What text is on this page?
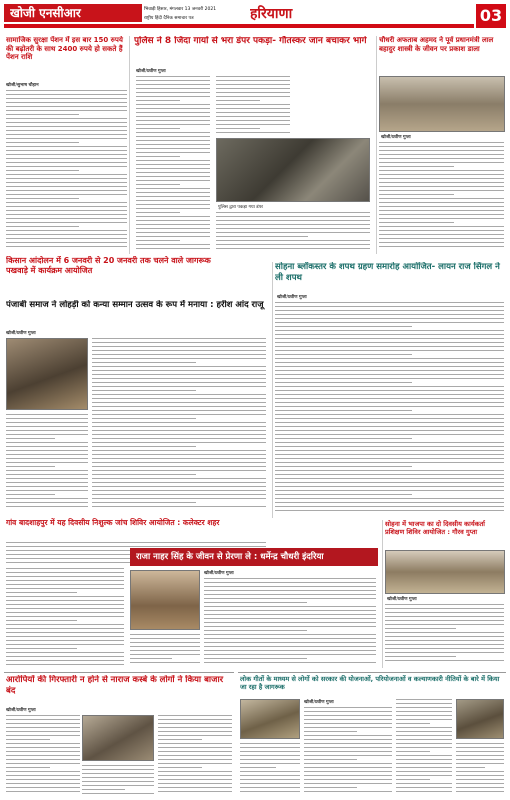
खोजी एनसीआर	भिवाड़ी हिसार, मंगलवार 13 जनवरी 2021
राष्ट्रीय हिंदी दैनिक समाचार पत्र	हरियाणा	03
सामाजिक सुरक्षा पेंशन में इस बार 150 रुपये की बढ़ोतरी के साथ 2400 रुपये हो सकते हैं पेंशन राशि
खोजी/सुभाष चौहान
पुलिस ने 8 जिंदा गायों से भरा डंपर पकड़ा- गौतस्कर जान बचाकर भागे
खोजी/प्रवीण गुप्ता
पुलिस द्वारा पकड़ा गया डंपर
चौधरी अफताब अहमद ने पूर्व प्रधानमंत्री लाल बहादुर शास्त्री के जीवन पर प्रकाश डाला
खोजी/प्रवीण गुप्ता
किसान आंदोलन में 6 जनवरी से 20 जनवरी तक चलने वाले जागरूक पखवाड़े में कार्यक्रम आयोजित
पंजाबी समाज ने लोहड़ी को कन्या सम्मान उत्सव के रूप में मनाया : हरीश आंद राजू
खोजी/प्रवीण गुप्ता
सोहना ब्लॉकस्तर के शपथ ग्रहण समारोह आयोजित- लायन राज सिंगल ने ली शपथ
खोजी/प्रवीण गुप्ता
गांव बादशाहपुर में यह दिवसीय निशुल्क जांच शिविर आयोजित : कलेक्टर शहर
राजा नाहर सिंह के जीवन से प्रेरणा ले : धर्मेन्द्र चौधरी इंदरिया
खोजी/प्रवीण गुप्ता
सोहना में भाजपा का दो दिवसीय कार्यकर्ता प्रशिक्षण शिविर आयोजित : गौरव गुप्ता
खोजी/प्रवीण गुप्ता
आरोपियों की गिरफ्तारी न होने से नाराज कस्बे के लोगों ने किया बाजार बंद
खोजी/प्रवीण गुप्ता
लोक गीतों के माध्यम से लोगों को सरकार की योजनाओं, परियोजनाओं व कल्याणकारी नीतियों के बारे में किया जा रहा है जागरूक
खोजी/प्रवीण गुप्ता
